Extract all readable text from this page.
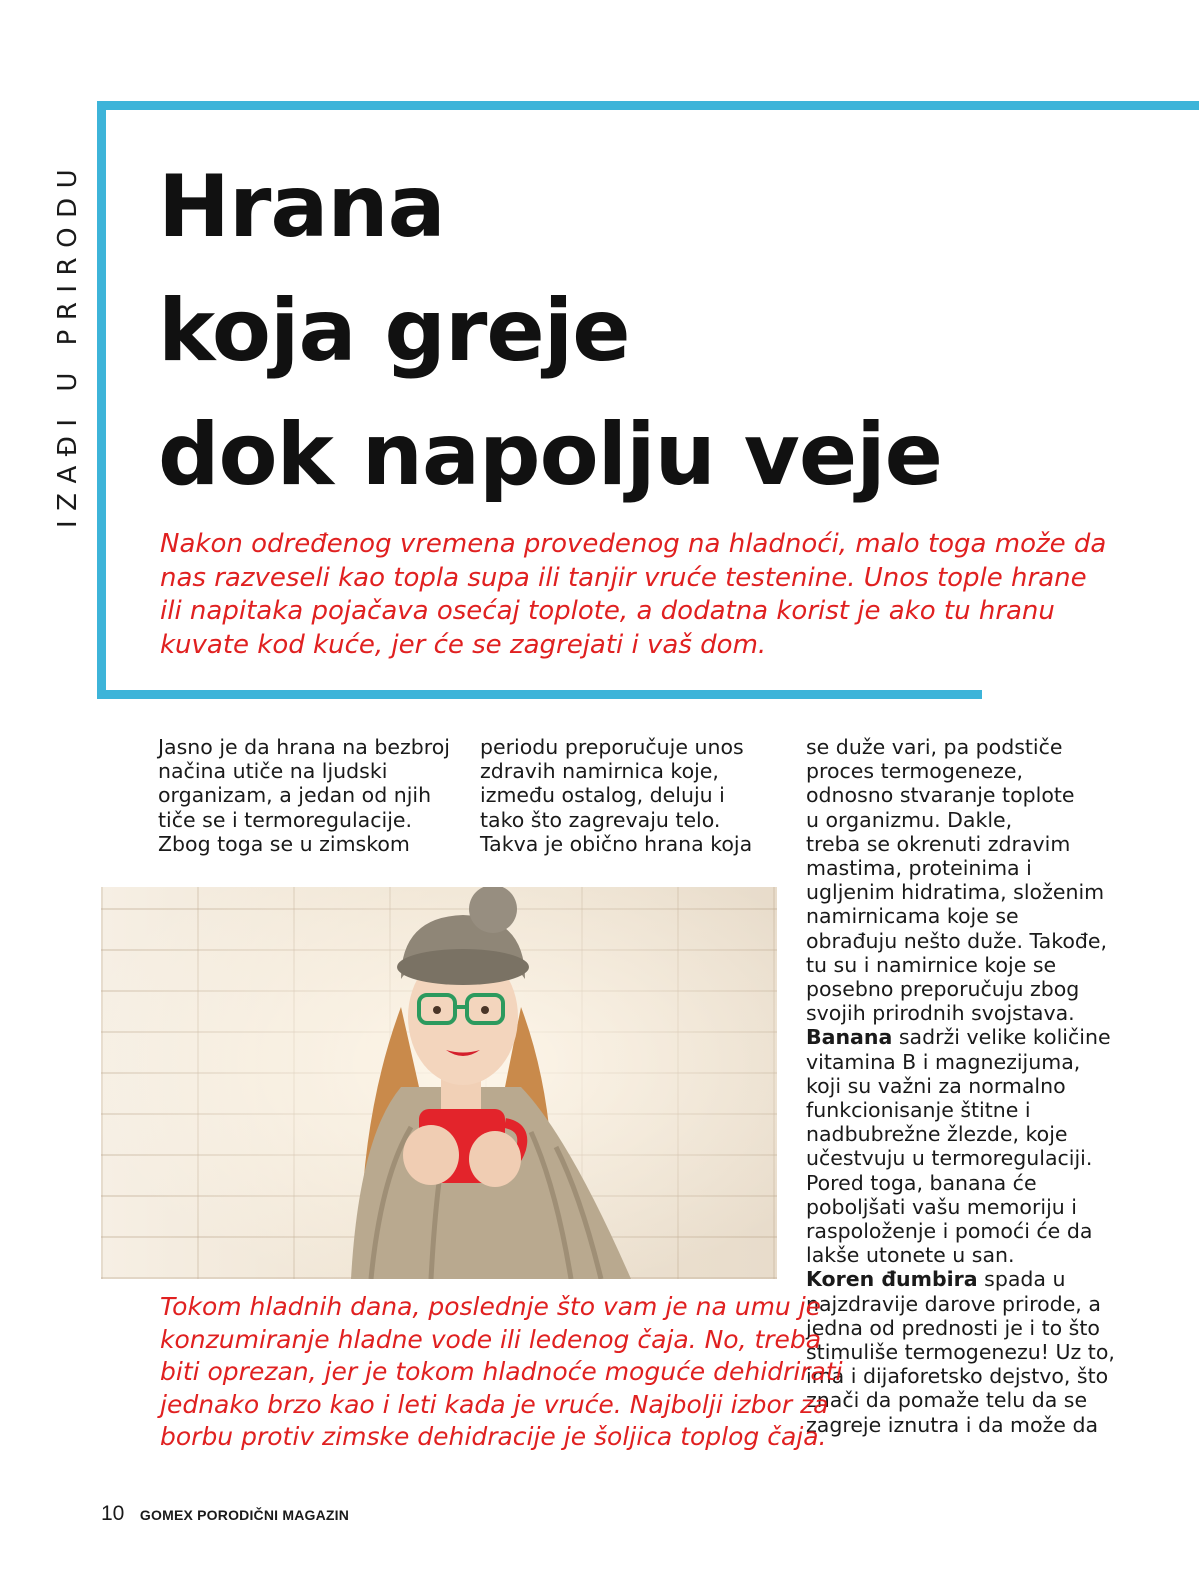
IZAĐI U PRIRODU Hrana
koja greje
dok napolju veje

Nakon određenog vremena provedenog na hladnoći, malo toga može da nas razveseli kao topla supa ili tanjir vruće testenine. Unos tople hrane ili napitaka pojačava osećaj toplote, a dodatna korist je ako tu hranu kuvate kod kuće, jer će se zagrejati i vaš dom.

Jasno je da hrana na bezbroj
načina utiče na ljudski
organizam, a jedan od njih
tiče se i termoregulacije.
Zbog toga se u zimskom

periodu preporučuje unos
zdravih namirnica koje,
između ostalog, deluju i
tako što zagrevaju telo.
Takva je obično hrana koja

se duže vari, pa podstiče
proces termogeneze,
odnosno stvaranje toplote
u organizmu. Dakle,
treba se okrenuti zdravim
mastima, proteinima i
ugljenim hidratima, složenim
namirnicama koje se
obrađuju nešto duže. Takođe,
tu su i namirnice koje se
posebno preporučuju zbog
svojih prirodnih svojstava.
Banana sadrži velike količine
vitamina B i magnezijuma,
koji su važni za normalno
funkcionisanje štitne i
nadbubrežne žlezde, koje
učestvuju u termoregulaciji.
Pored toga, banana će
poboljšati vašu memoriju i
raspoloženje i pomoći će da
lakše utonete u san.
Koren đumbira spada u
najzdravije darove prirode, a
jedna od prednosti je i to što
stimuliše termogenezu! Uz to,
ima i dijaforetsko dejstvo, što
znači da pomaže telu da se
zagreje iznutra i da može da

Tokom hladnih dana, poslednje što vam je na umu je
konzumiranje hladne vode ili ledenog čaja. No, treba
biti oprezan, jer je tokom hladnoće moguće dehidrirati
jednako brzo kao i leti kada je vruće. Najbolji izbor za
borbu protiv zimske dehidracije je šoljica toplog čaja.

10 GOMEX PORODIČNI MAGAZIN
